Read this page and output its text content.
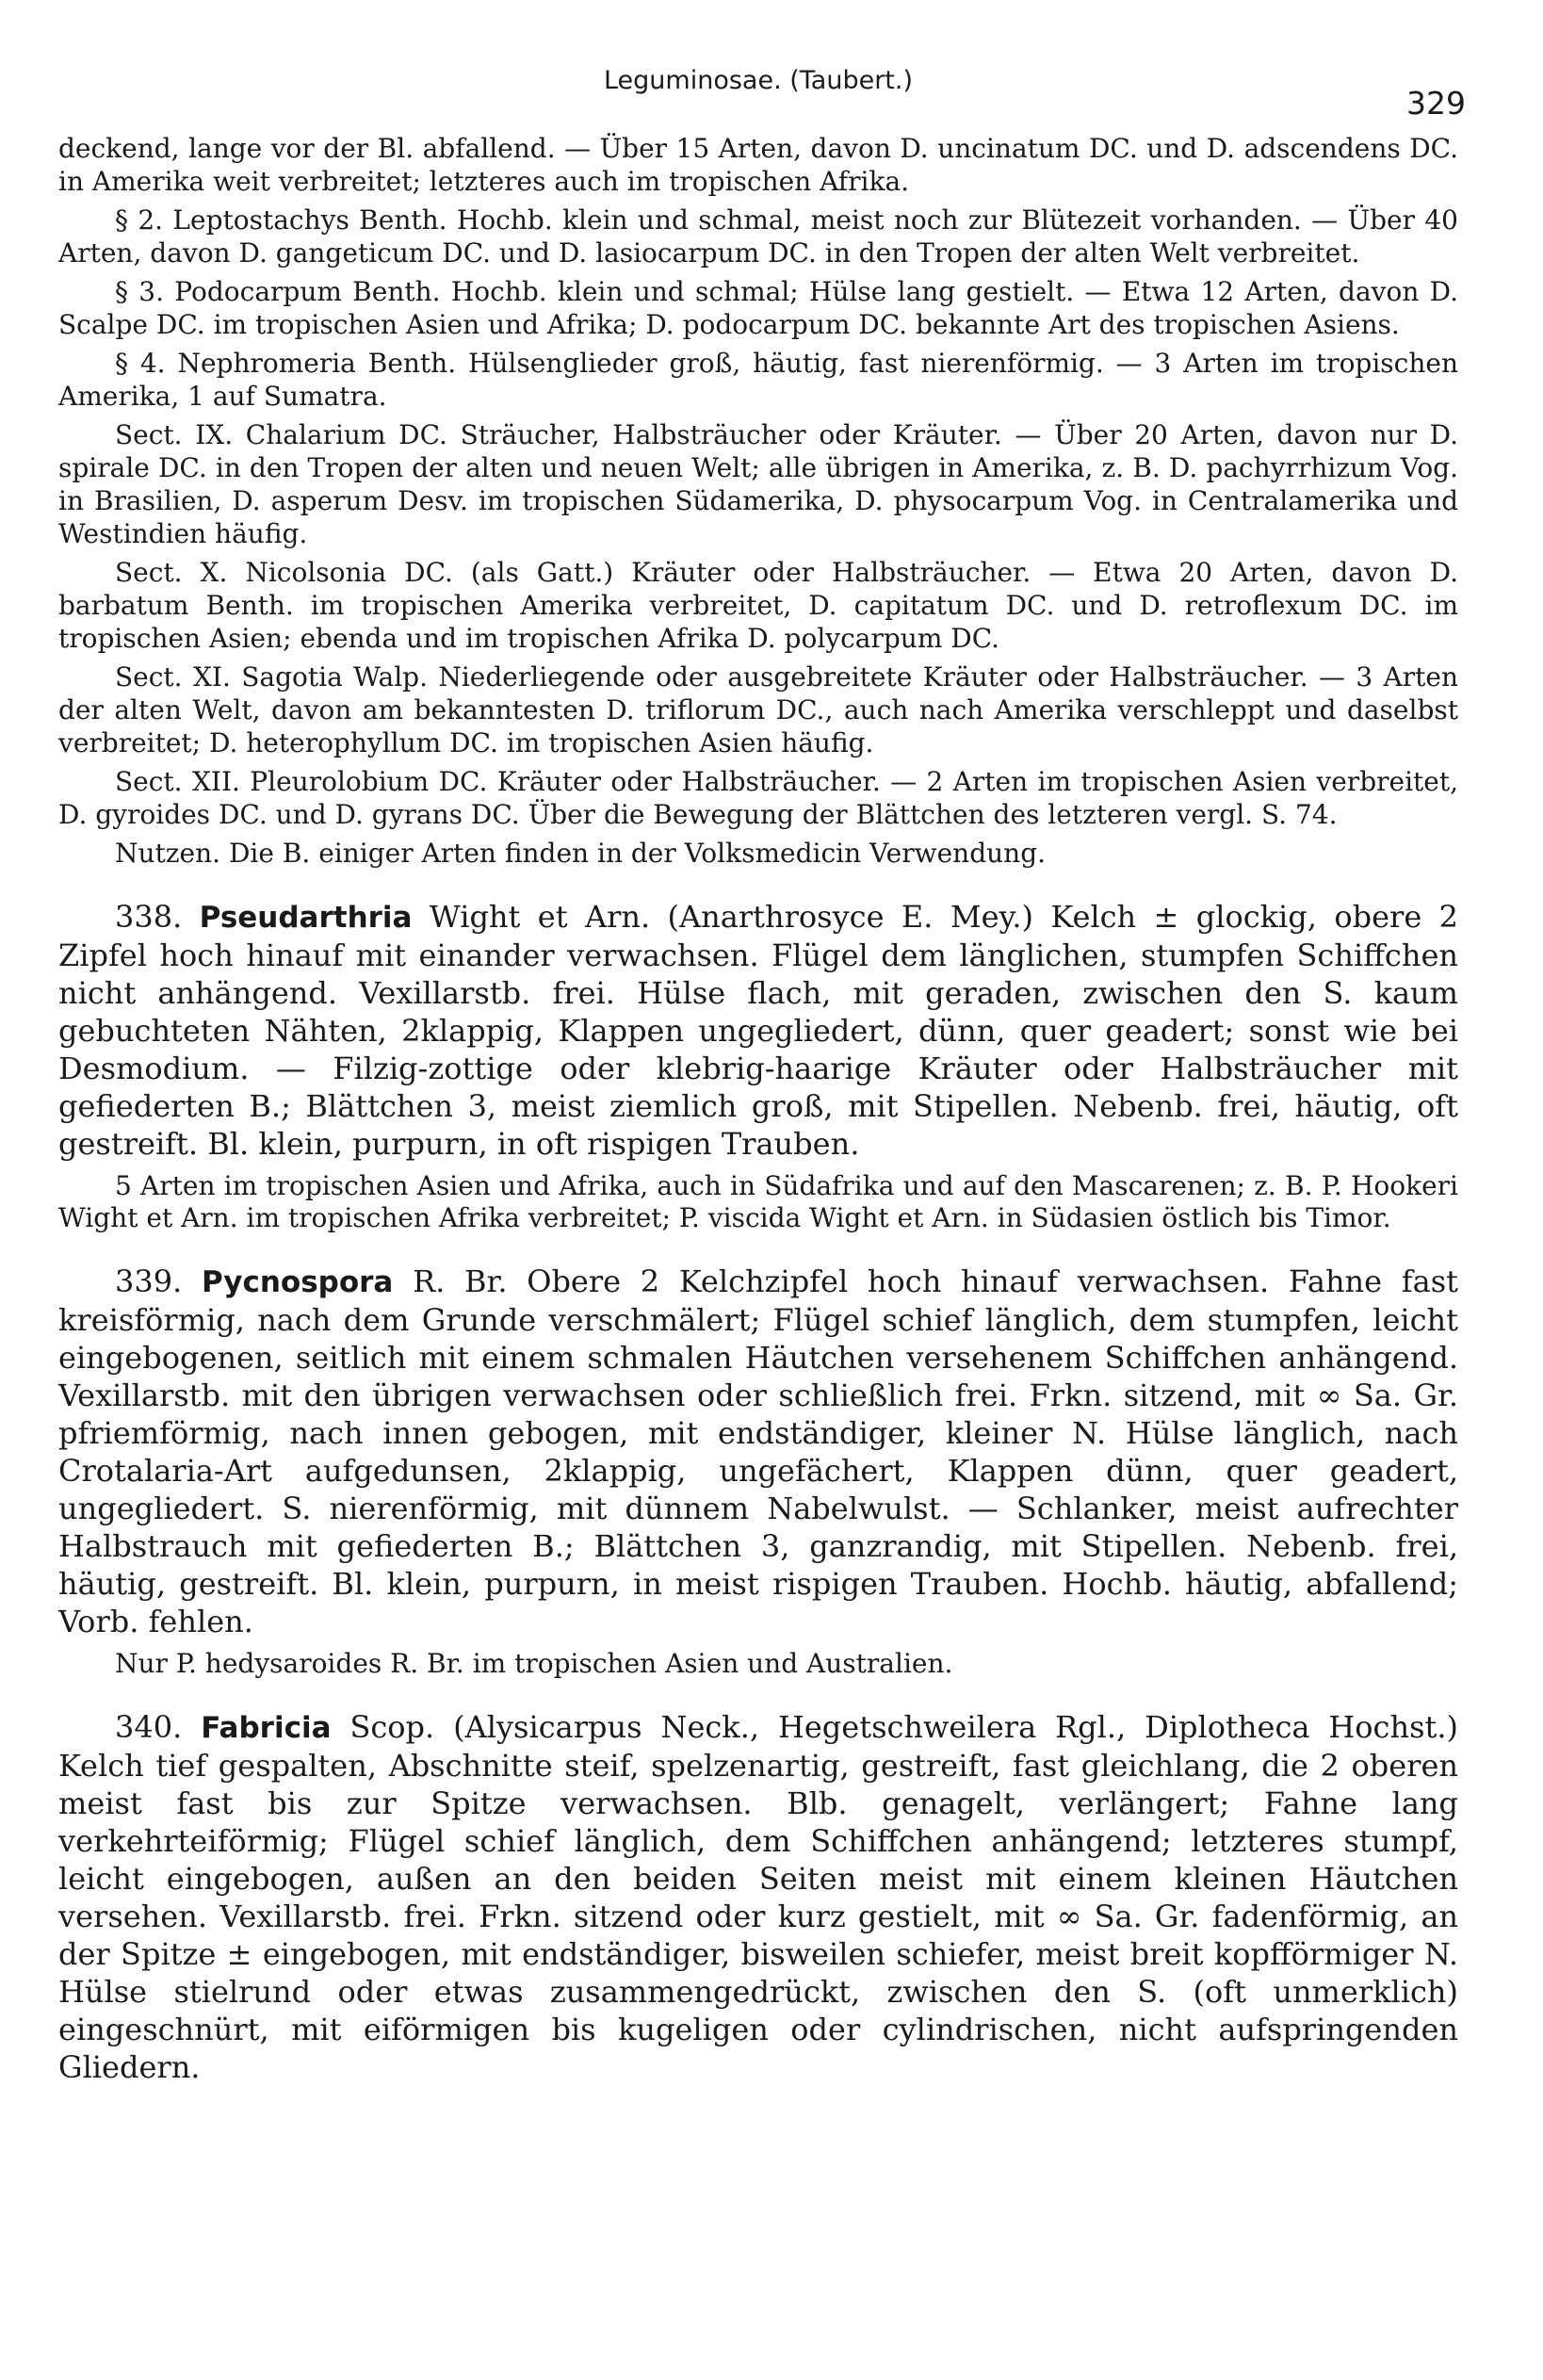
Leguminosae. (Taubert.)
329

deckend, lange vor der Bl. abfallend. — Über 15 Arten, davon D. uncinatum DC. und D. adscendens DC. in Amerika weit verbreitet; letzteres auch im tropischen Afrika.

§ 2. Leptostachys Benth. Hochb. klein und schmal, meist noch zur Blütezeit vorhanden. — Über 40 Arten, davon D. gangeticum DC. und D. lasiocarpum DC. in den Tropen der alten Welt verbreitet.

§ 3. Podocarpum Benth. Hochb. klein und schmal; Hülse lang gestielt. — Etwa 12 Arten, davon D. Scalpe DC. im tropischen Asien und Afrika; D. podocarpum DC. bekannte Art des tropischen Asiens.

§ 4. Nephromeria Benth. Hülsenglieder groß, häutig, fast nierenförmig. — 3 Arten im tropischen Amerika, 1 auf Sumatra.

Sect. IX. Chalarium DC. Sträucher, Halbsträucher oder Kräuter. — Über 20 Arten, davon nur D. spirale DC. in den Tropen der alten und neuen Welt; alle übrigen in Amerika, z. B. D. pachyrrhizum Vog. in Brasilien, D. asperum Desv. im tropischen Südamerika, D. physocarpum Vog. in Centralamerika und Westindien häufig.

Sect. X. Nicolsonia DC. (als Gatt.) Kräuter oder Halbsträucher. — Etwa 20 Arten, davon D. barbatum Benth. im tropischen Amerika verbreitet, D. capitatum DC. und D. retroflexum DC. im tropischen Asien; ebenda und im tropischen Afrika D. polycarpum DC.

Sect. XI. Sagotia Walp. Niederliegende oder ausgebreitete Kräuter oder Halbsträucher. — 3 Arten der alten Welt, davon am bekanntesten D. triflorum DC., auch nach Amerika verschleppt und daselbst verbreitet; D. heterophyllum DC. im tropischen Asien häufig.

Sect. XII. Pleurolobium DC. Kräuter oder Halbsträucher. — 2 Arten im tropischen Asien verbreitet, D. gyroides DC. und D. gyrans DC. Über die Bewegung der Blättchen des letzteren vergl. S. 74.

Nutzen. Die B. einiger Arten finden in der Volksmedicin Verwendung.

338. Pseudarthria Wight et Arn. (Anarthrosyce E. Mey.) Kelch ± glockig, obere 2 Zipfel hoch hinauf mit einander verwachsen. Flügel dem länglichen, stumpfen Schiffchen nicht anhängend. Vexillarstb. frei. Hülse flach, mit geraden, zwischen den S. kaum gebuchteten Nähten, 2klappig, Klappen ungegliedert, dünn, quer geadert; sonst wie bei Desmodium. — Filzig-zottige oder klebrig-haarige Kräuter oder Halbsträucher mit gefiederten B.; Blättchen 3, meist ziemlich groß, mit Stipellen. Nebenb. frei, häutig, oft gestreift. Bl. klein, purpurn, in oft rispigen Trauben.

5 Arten im tropischen Asien und Afrika, auch in Südafrika und auf den Mascarenen; z. B. P. Hookeri Wight et Arn. im tropischen Afrika verbreitet; P. viscida Wight et Arn. in Südasien östlich bis Timor.

339. Pycnospora R. Br. Obere 2 Kelchzipfel hoch hinauf verwachsen. Fahne fast kreisförmig, nach dem Grunde verschmälert; Flügel schief länglich, dem stumpfen, leicht eingebogenen, seitlich mit einem schmalen Häutchen versehenem Schiffchen anhängend. Vexillarstb. mit den übrigen verwachsen oder schließlich frei. Frkn. sitzend, mit ∞ Sa. Gr. pfriemförmig, nach innen gebogen, mit endständiger, kleiner N. Hülse länglich, nach Crotalaria-Art aufgedunsen, 2klappig, ungefächert, Klappen dünn, quer geadert, ungegliedert. S. nierenförmig, mit dünnem Nabelwulst. — Schlanker, meist aufrechter Halbstrauch mit gefiederten B.; Blättchen 3, ganzrandig, mit Stipellen. Nebenb. frei, häutig, gestreift. Bl. klein, purpurn, in meist rispigen Trauben. Hochb. häutig, abfallend; Vorb. fehlen.

Nur P. hedysaroides R. Br. im tropischen Asien und Australien.

340. Fabricia Scop. (Alysicarpus Neck., Hegetschweilera Rgl., Diplotheca Hochst.) Kelch tief gespalten, Abschnitte steif, spelzenartig, gestreift, fast gleichlang, die 2 oberen meist fast bis zur Spitze verwachsen. Blb. genagelt, verlängert; Fahne lang verkehrteiförmig; Flügel schief länglich, dem Schiffchen anhängend; letzteres stumpf, leicht eingebogen, außen an den beiden Seiten meist mit einem kleinen Häutchen versehen. Vexillarstb. frei. Frkn. sitzend oder kurz gestielt, mit ∞ Sa. Gr. fadenförmig, an der Spitze ± eingebogen, mit endständiger, bisweilen schiefer, meist breit kopfförmiger N. Hülse stielrund oder etwas zusammengedrückt, zwischen den S. (oft unmerklich) eingeschnürt, mit eiförmigen bis kugeligen oder cylindrischen, nicht aufspringenden Gliedern.
